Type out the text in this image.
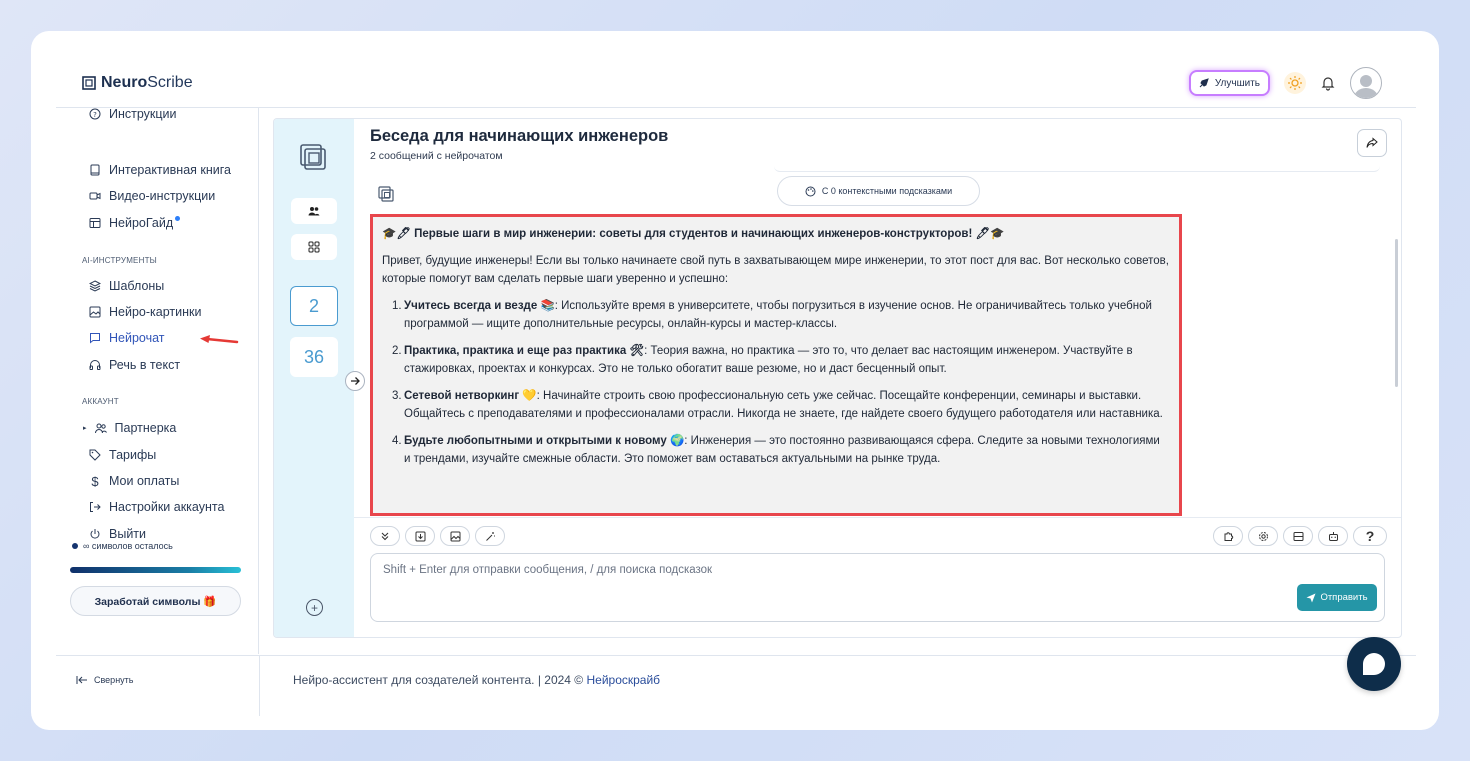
Neuro Scribe	Улучшить
? Инструкции
Интерактивная книга
Видео-инструкции
НейроГайд
AI-ИНСТРУМЕНТЫ
Шаблоны
Нейро-картинки
Нейрочат
Речь в текст
АККАУНТ
▸ Партнерка
Тарифы
$ Мои оплаты
Настройки аккаунта
Выйти
∞ символов осталось
Заработай символы 🎁
2
36
+
Беседа для начинающих инженеров
2 сообщений с нейрочатом
С 0 контекстными подсказками
🎓🖊 Первые шаги в мир инженерии: советы для студентов и начинающих инженеров-конструкторов! 🖊🎓
Привет, будущие инженеры! Если вы только начинаете свой путь в захватывающем мире инженерии, то этот пост для вас. Вот несколько советов, которые помогут вам сделать первые шаги уверенно и успешно:
1. Учитесь всегда и везде 📚: Используйте время в университете, чтобы погрузиться в изучение основ. Не ограничивайтесь только учебной программой — ищите дополнительные ресурсы, онлайн-курсы и мастер-классы.
2. Практика, практика и еще раз практика 🛠: Теория важна, но практика — это то, что делает вас настоящим инженером. Участвуйте в стажировках, проектах и конкурсах. Это не только обогатит ваше резюме, но и даст бесценный опыт.
3. Сетевой нетворкинг 💛: Начинайте строить свою профессиональную сеть уже сейчас. Посещайте конференции, семинары и выставки. Общайтесь с преподавателями и профессионалами отрасли. Никогда не знаете, где найдете своего будущего работодателя или наставника.
4. Будьте любопытными и открытыми к новому 🌍: Инженерия — это постоянно развивающаяся сфера. Следите за новыми технологиями и трендами, изучайте смежные области. Это поможет вам оставаться актуальными на рынке труда.
?
Shift + Enter для отправки сообщения, / для поиска подсказок
Отправить
Свернуть	Нейро-ассистент для создателей контента. | 2024 © Нейроскрайб
